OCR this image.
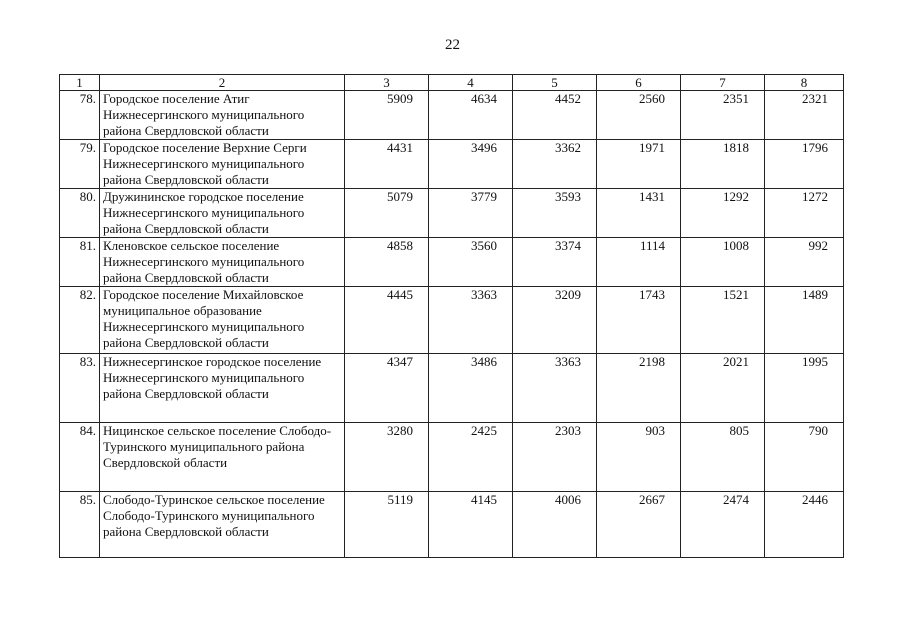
22
1	2	3	4	5	6	7	8
78.	Городское поселение Атиг Нижнесергинского муниципального района Свердловской области	5909	4634	4452	2560	2351	2321
79.	Городское поселение Верхние Серги Нижнесергинского муниципального района Свердловской области	4431	3496	3362	1971	1818	1796
80.	Дружининское городское поселение Нижнесергинского муниципального района Свердловской области	5079	3779	3593	1431	1292	1272
81.	Кленовское сельское поселение Нижнесергинского муниципального района Свердловской области	4858	3560	3374	1114	1008	992
82.	Городское поселение Михайловское муниципальное образование Нижнесергинского муниципального района Свердловской области	4445	3363	3209	1743	1521	1489
83.	Нижнесергинское городское поселение Нижнесергинского муниципального района Свердловской области	4347	3486	3363	2198	2021	1995
84.	Ницинское сельское поселение Слободо-Туринского муниципального района Свердловской области	3280	2425	2303	903	805	790
85.	Слободо-Туринское сельское поселение Слободо-Туринского муниципального района Свердловской области	5119	4145	4006	2667	2474	2446
